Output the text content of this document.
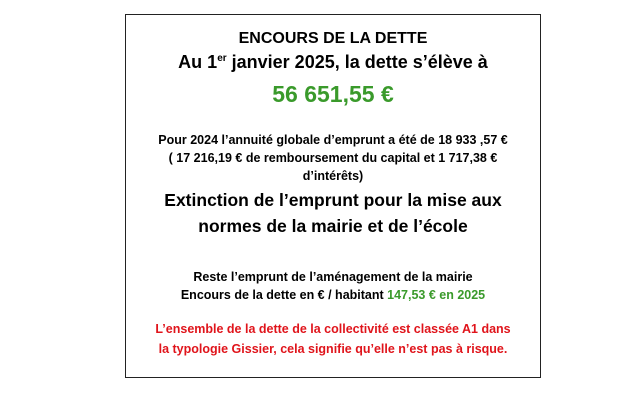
ENCOURS DE LA DETTE
Au 1er janvier 2025, la dette s’élève à
56 651,55 €
Pour 2024 l’annuité globale d’emprunt a été de 18 933 ,57 €
( 17 216,19 € de remboursement du capital et 1 717,38 €
d’intérêts)
Extinction de l’emprunt pour la mise aux
normes de la mairie et de l’école
Reste l’emprunt de l’aménagement de la mairie
Encours de la dette en € / habitant 147,53 € en 2025
L’ensemble de la dette de la collectivité est classée A1 dans
la typologie Gissier, cela signifie qu’elle n’est pas à risque.
